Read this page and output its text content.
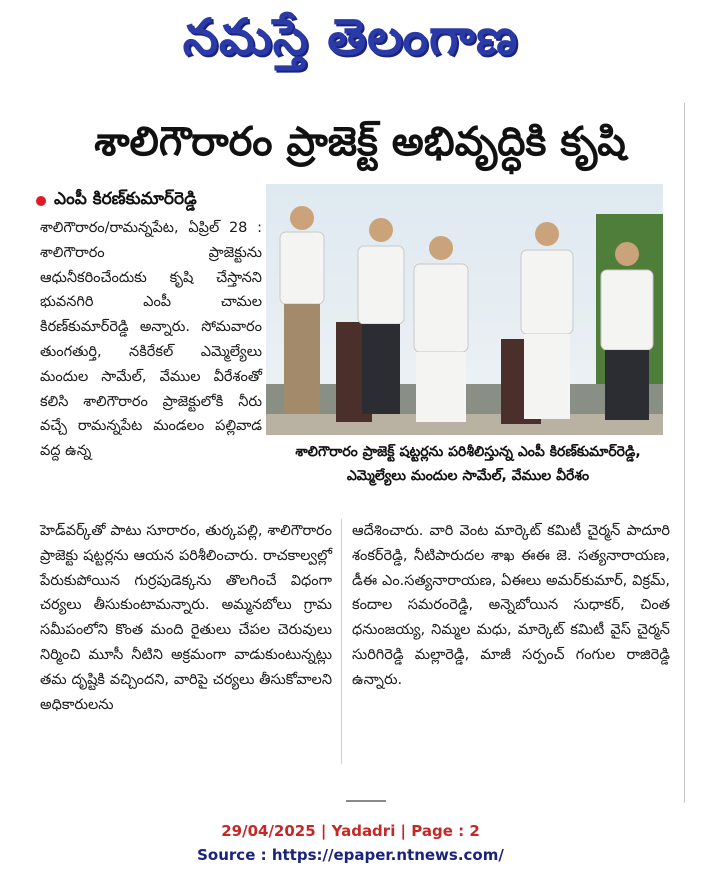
నమస్తే తెలంగాణ
శాలిగౌరారం ప్రాజెక్ట్ అభివృద్ధికి కృషి
ఎంపీ కిరణ్‌కుమార్‌రెడ్డి
శాలిగౌరారం/రామన్నపేట, ఏప్రిల్ 28 : శాలిగౌరారం ప్రాజెక్టును ఆధునీకరించేందుకు కృషి చేస్తానని భువనగిరి ఎంపీ చామల కిరణ్‌కుమార్‌రెడ్డి అన్నారు. సోమవారం తుంగతుర్తి, నకిరేకల్ ఎమ్మెల్యేలు మందుల సామేల్, వేముల వీరేశంతో కలిసి శాలిగౌరారం ప్రాజెక్టులోకి నీరు వచ్చే రామన్నపేట మండలం పల్లివాడ వద్ద ఉన్న	శాలిగౌరారం ప్రాజెక్ట్ షట్టర్లను పరిశీలిస్తున్న ఎంపీ కిరణ్‌కుమార్‌రెడ్డి, ఎమ్మెల్యేలు మందుల సామేల్, వేముల వీరేశం
హెడ్‌వర్క్‌తో పాటు సూరారం, తుర్కపల్లి, శాలిగౌరారం ప్రాజెక్టు షట్టర్లను ఆయన పరిశీలించారు. రాచకాల్వల్లో పేరుకుపోయిన గుర్రపుడెక్కను తొలగించే విధంగా చర్యలు తీసుకుంటామన్నారు. అమ్మనబోలు గ్రామ సమీపంలోని కొంత మంది రైతులు చేపల చెరువులు నిర్మించి మూసీ నీటిని అక్రమంగా వాడుకుంటున్నట్లు తమ దృష్టికి వచ్చిందని, వారిపై చర్యలు తీసుకోవాలని అధికారులను
ఆదేశించారు. వారి వెంట మార్కెట్ కమిటీ చైర్మన్ పాదూరి శంకర్‌రెడ్డి, నీటిపారుదల శాఖ ఈఈ జె. సత్యనారాయణ, డీఈ ఎం.సత్యనారాయణ, ఏఈలు అమర్‌కుమార్, విక్రమ్, కందాల సమరంరెడ్డి, అన్నెబోయిన సుధాకర్, చింత ధనుంజయ్య, నిమ్మల మధు, మార్కెట్ కమిటీ వైస్ చైర్మన్ సురిగిరెడ్డి మల్లారెడ్డి, మాజీ సర్పంచ్ గంగుల రాజిరెడ్డి ఉన్నారు.
29/04/2025 | Yadadri | Page : 2
Source : https://epaper.ntnews.com/
